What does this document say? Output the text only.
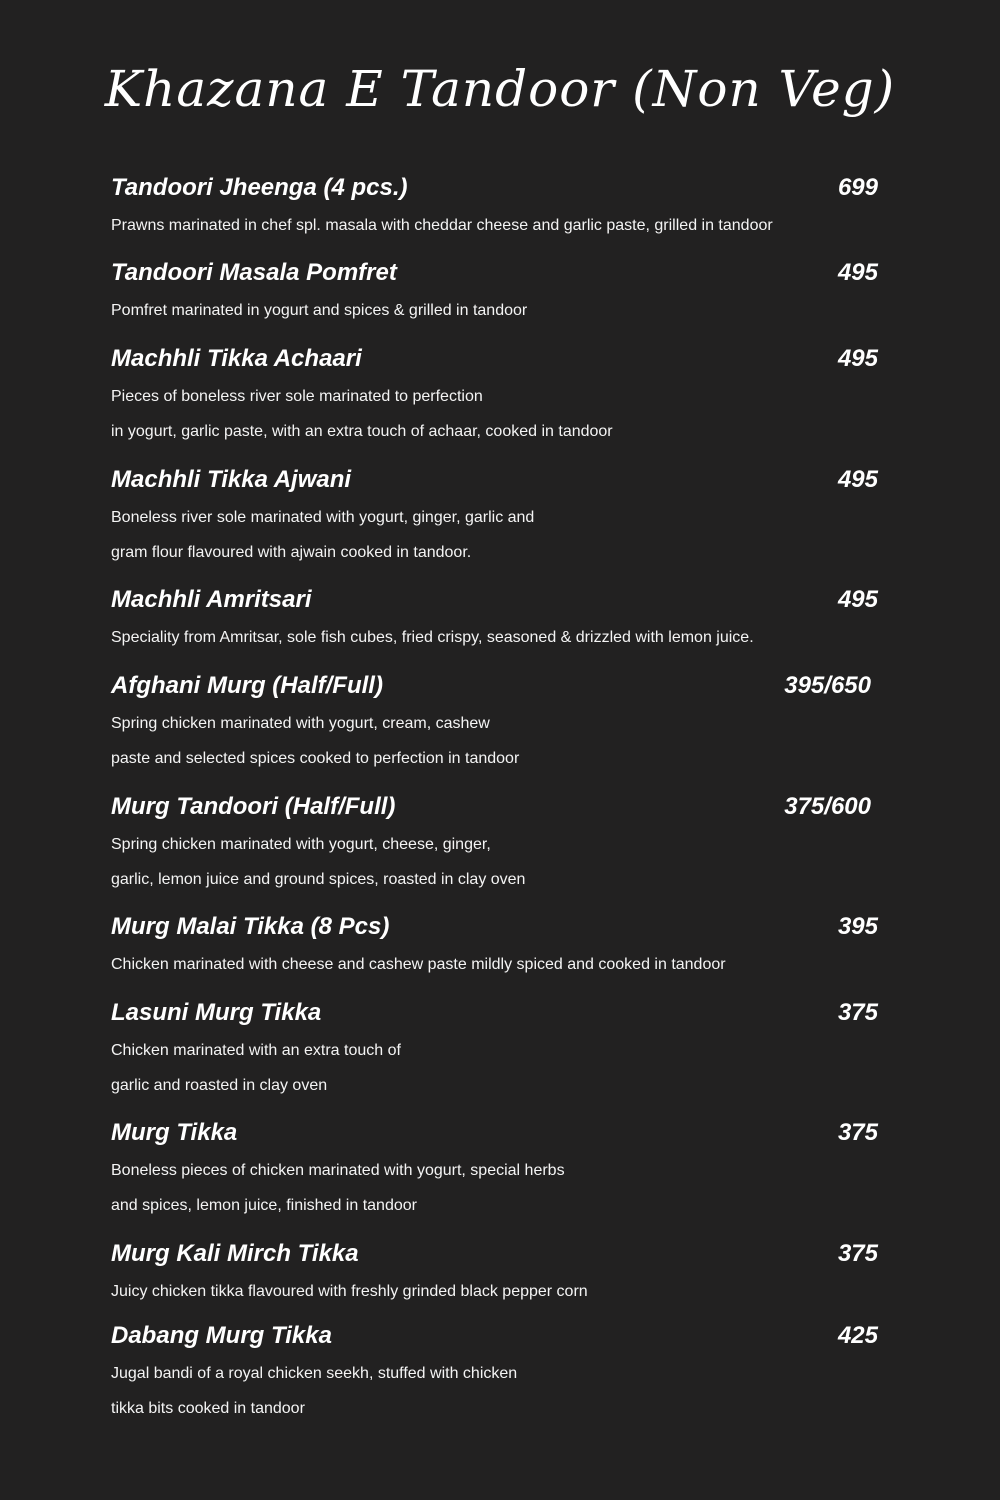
Khazana E Tandoor (Non Veg)
Tandoori Jheenga (4 pcs.)	699
Prawns marinated in chef spl. masala with cheddar cheese and garlic paste, grilled in tandoor
Tandoori Masala Pomfret	495
Pomfret marinated in yogurt and spices & grilled in tandoor
Machhli Tikka Achaari	495
Pieces of boneless river sole marinated to perfection
in yogurt, garlic paste, with an extra touch of achaar, cooked in tandoor
Machhli Tikka Ajwani	495
Boneless river sole marinated with yogurt, ginger, garlic and
gram flour flavoured with ajwain cooked in tandoor.
Machhli Amritsari	495
Speciality from Amritsar, sole fish cubes, fried crispy, seasoned & drizzled with lemon juice.
Afghani Murg (Half/Full)	395/650
Spring chicken marinated with yogurt, cream, cashew
paste and selected spices cooked to perfection in tandoor
Murg Tandoori (Half/Full)	375/600
Spring chicken marinated with yogurt, cheese, ginger,
garlic, lemon juice and ground spices, roasted in clay oven
Murg Malai Tikka (8 Pcs)	395
Chicken marinated with cheese and cashew paste mildly spiced and cooked in tandoor
Lasuni Murg Tikka	375
Chicken marinated with an extra touch of
garlic and roasted in clay oven
Murg Tikka	375
Boneless pieces of chicken marinated with yogurt, special herbs
and spices, lemon juice, finished in tandoor
Murg Kali Mirch Tikka	375
Juicy chicken tikka flavoured with freshly grinded black pepper corn
Dabang Murg Tikka	425
Jugal bandi of a royal chicken seekh, stuffed with chicken
tikka bits cooked in tandoor
